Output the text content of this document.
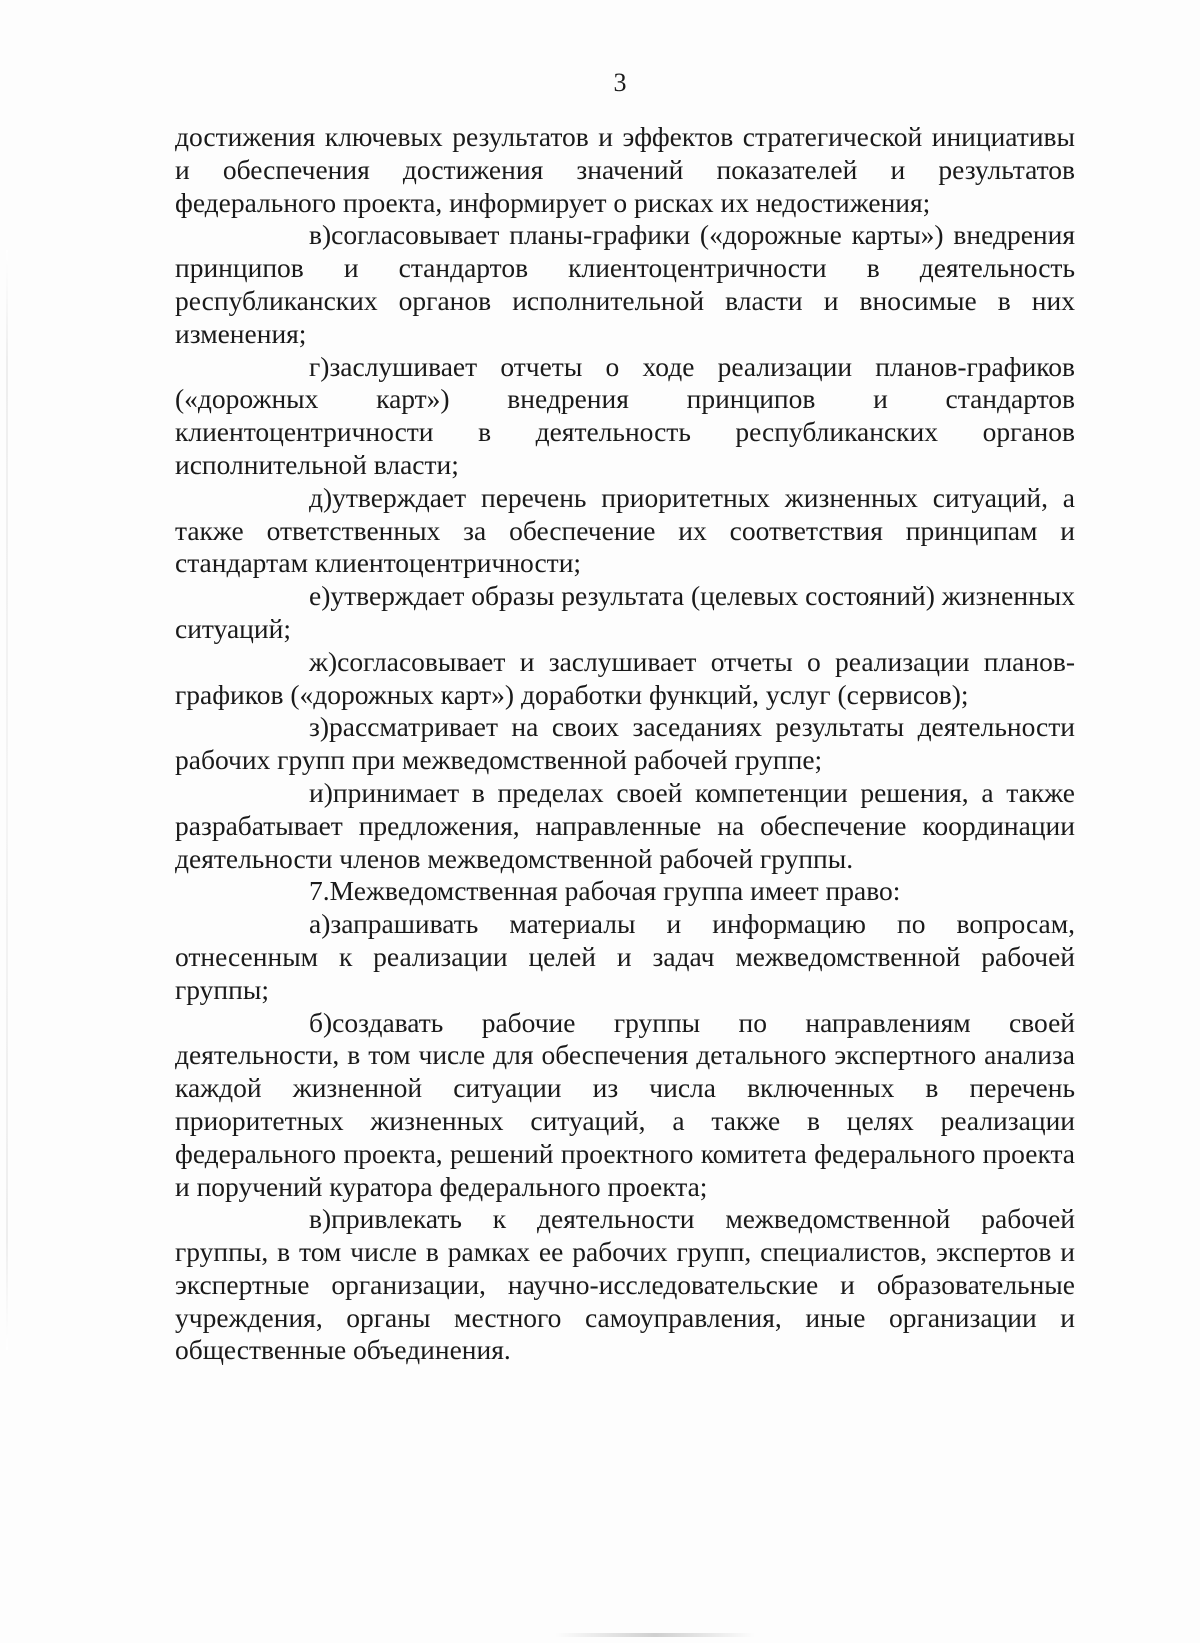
3

достижения ключевых результатов и эффектов стратегической инициативы и обеспечения достижения значений показателей и результатов федерального проекта, информирует о рисках их недостижения;

в)согласовывает планы-графики («дорожные карты») внедрения принципов и стандартов клиентоцентричности в деятельность республиканских органов исполнительной власти и вносимые в них изменения;

г)заслушивает отчеты о ходе реализации планов-графиков («дорожных карт») внедрения принципов и стандартов клиентоцентричности в деятельность республиканских органов исполнительной власти;

д)утверждает перечень приоритетных жизненных ситуаций, а также ответственных за обеспечение их соответствия принципам и стандартам клиентоцентричности;

е)утверждает образы результата (целевых состояний) жизненных ситуаций;

ж)согласовывает и заслушивает отчеты о реализации планов-графиков («дорожных карт») доработки функций, услуг (сервисов);

з)рассматривает на своих заседаниях результаты деятельности рабочих групп при межведомственной рабочей группе;

и)принимает в пределах своей компетенции решения, а также разрабатывает предложения, направленные на обеспечение координации деятельности членов межведомственной рабочей группы.

7.Межведомственная рабочая группа имеет право:

а)запрашивать материалы и информацию по вопросам, отнесенным к реализации целей и задач межведомственной рабочей группы;

б)создавать рабочие группы по направлениям своей деятельности, в том числе для обеспечения детального экспертного анализа каждой жизненной ситуации из числа включенных в перечень приоритетных жизненных ситуаций, а также в целях реализации федерального проекта, решений проектного комитета федерального проекта и поручений куратора федерального проекта;

в)привлекать к деятельности межведомственной рабочей группы, в том числе в рамках ее рабочих групп, специалистов, экспертов и экспертные организации, научно-исследовательские и образовательные учреждения, органы местного самоуправления, иные организации и общественные объединения.
